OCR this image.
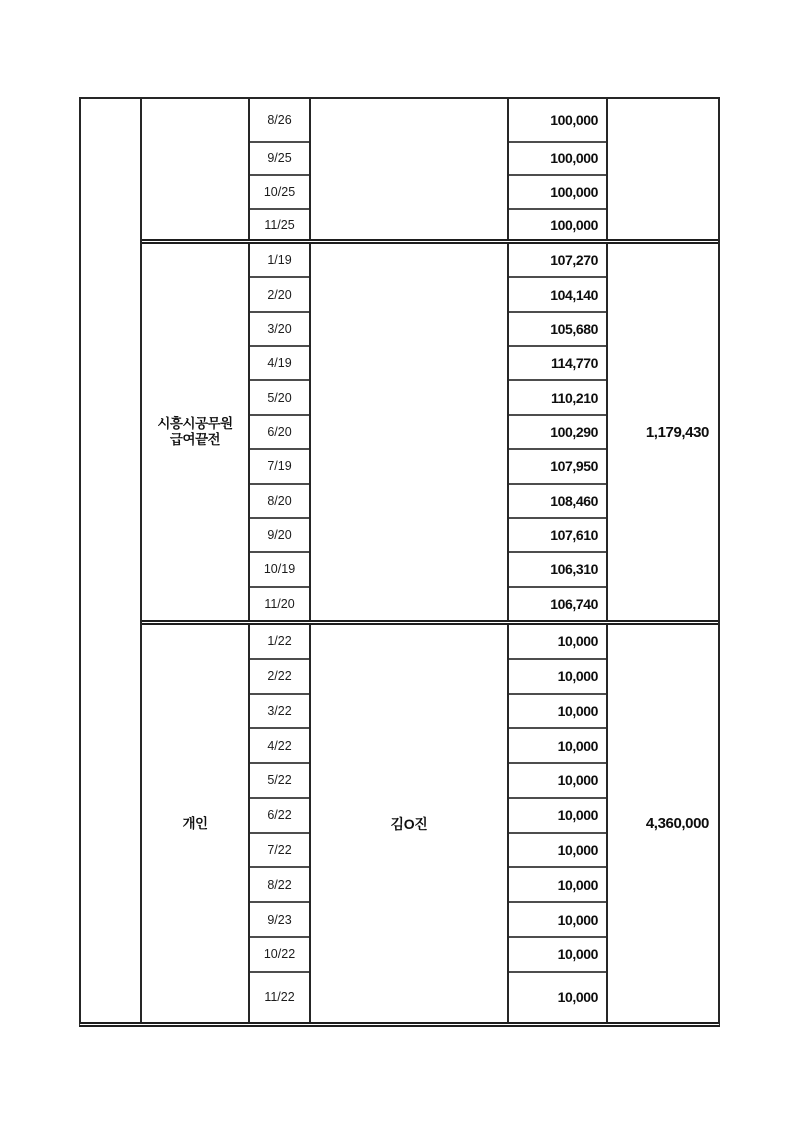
8/26
9/25
10/25
11/25
100,000
100,000
100,000
100,000
시흥시공무원
급여끝전
1/19
2/20
3/20
4/19
5/20
6/20
7/19
8/20
9/20
10/19
11/20
107,270
104,140
105,680
114,770
110,210
100,290
107,950
108,460
107,610
106,310
106,740
1,179,430
개인
1/22
2/22
3/22
4/22
5/22
6/22
7/22
8/22
9/23
10/22
11/22
김O진
10,000
10,000
10,000
10,000
10,000
10,000
10,000
10,000
10,000
10,000
10,000
4,360,000
